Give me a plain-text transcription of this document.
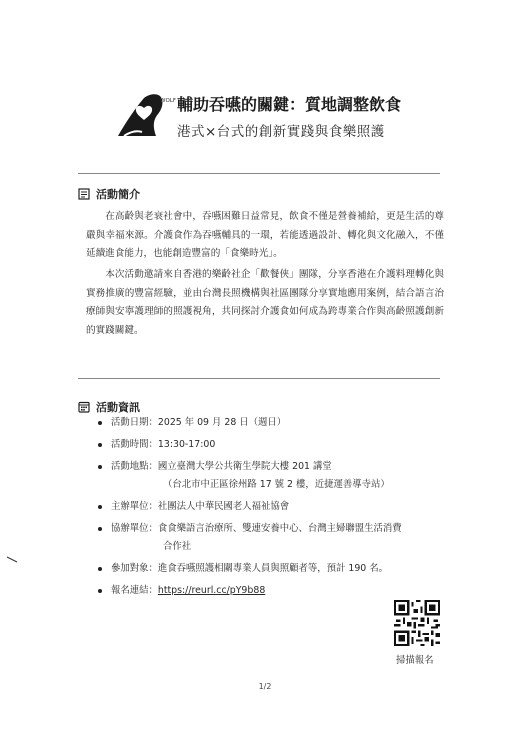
WOLF 輔助吞嚥的關鍵：質地調整飲食
港式×台式的創新實踐與食樂照護
活動簡介

在高齡與老衰社會中，吞嚥困難日益常見，飲食不僅是營養補給，更是生活的尊嚴與幸福來源。介護食作為吞嚥輔具的一環，若能透過設計、轉化與文化融入，不僅延續進食能力，也能創造豐富的「食樂時光」。

本次活動邀請來自香港的樂齡社企「歡餐俠」團隊，分享香港在介護料理轉化與實務推廣的豐富經驗，並由台灣長照機構與社區團隊分享實地應用案例，結合語言治療師與安寧護理師的照護視角，共同探討介護食如何成為跨專業合作與高齡照護創新的實踐關鍵。

活動資訊
活動日期：2025 年 09 月 28 日（週日）
活動時間：13:30-17:00
活動地點：國立臺灣大學公共衛生學院大樓 201 講堂
（台北市中正區徐州路 17 號 2 樓，近捷運善導寺站）
主辦單位：社團法人中華民國老人福祉協會
協辦單位：食食樂語言治療所、雙連安養中心、台灣主婦聯盟生活消費
合作社
參加對象：進食吞嚥照護相關專業人員與照顧者等，預計 190 名。
報名連結：https://reurl.cc/pY9b88
掃描報名
1/2
